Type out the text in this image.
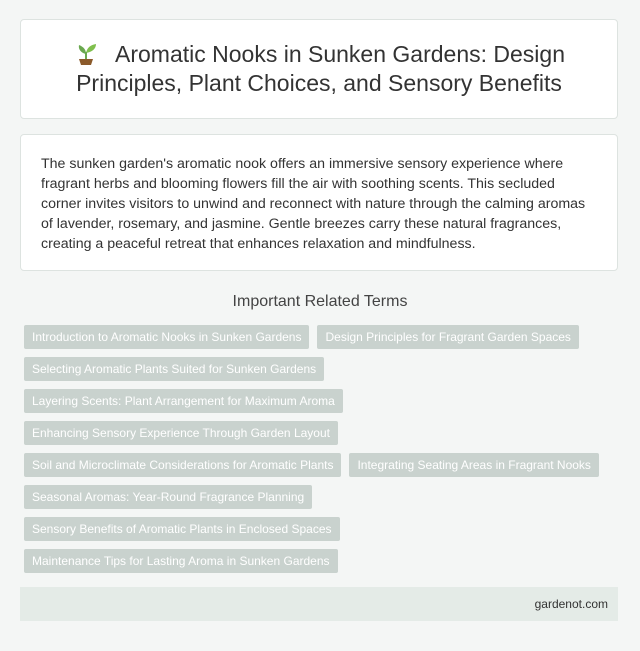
Aromatic Nooks in Sunken Gardens: Design Principles, Plant Choices, and Sensory Benefits

The sunken garden's aromatic nook offers an immersive sensory experience where fragrant herbs and blooming flowers fill the air with soothing scents. This secluded corner invites visitors to unwind and reconnect with nature through the calming aromas of lavender, rosemary, and jasmine. Gentle breezes carry these natural fragrances, creating a peaceful retreat that enhances relaxation and mindfulness.

Important Related Terms
Introduction to Aromatic Nooks in Sunken Gardens	Design Principles for Fragrant Garden Spaces
Selecting Aromatic Plants Suited for Sunken Gardens
Layering Scents: Plant Arrangement for Maximum Aroma
Enhancing Sensory Experience Through Garden Layout
Soil and Microclimate Considerations for Aromatic Plants	Integrating Seating Areas in Fragrant Nooks
Seasonal Aromas: Year-Round Fragrance Planning
Sensory Benefits of Aromatic Plants in Enclosed Spaces
Maintenance Tips for Lasting Aroma in Sunken Gardens
gardenot.com
